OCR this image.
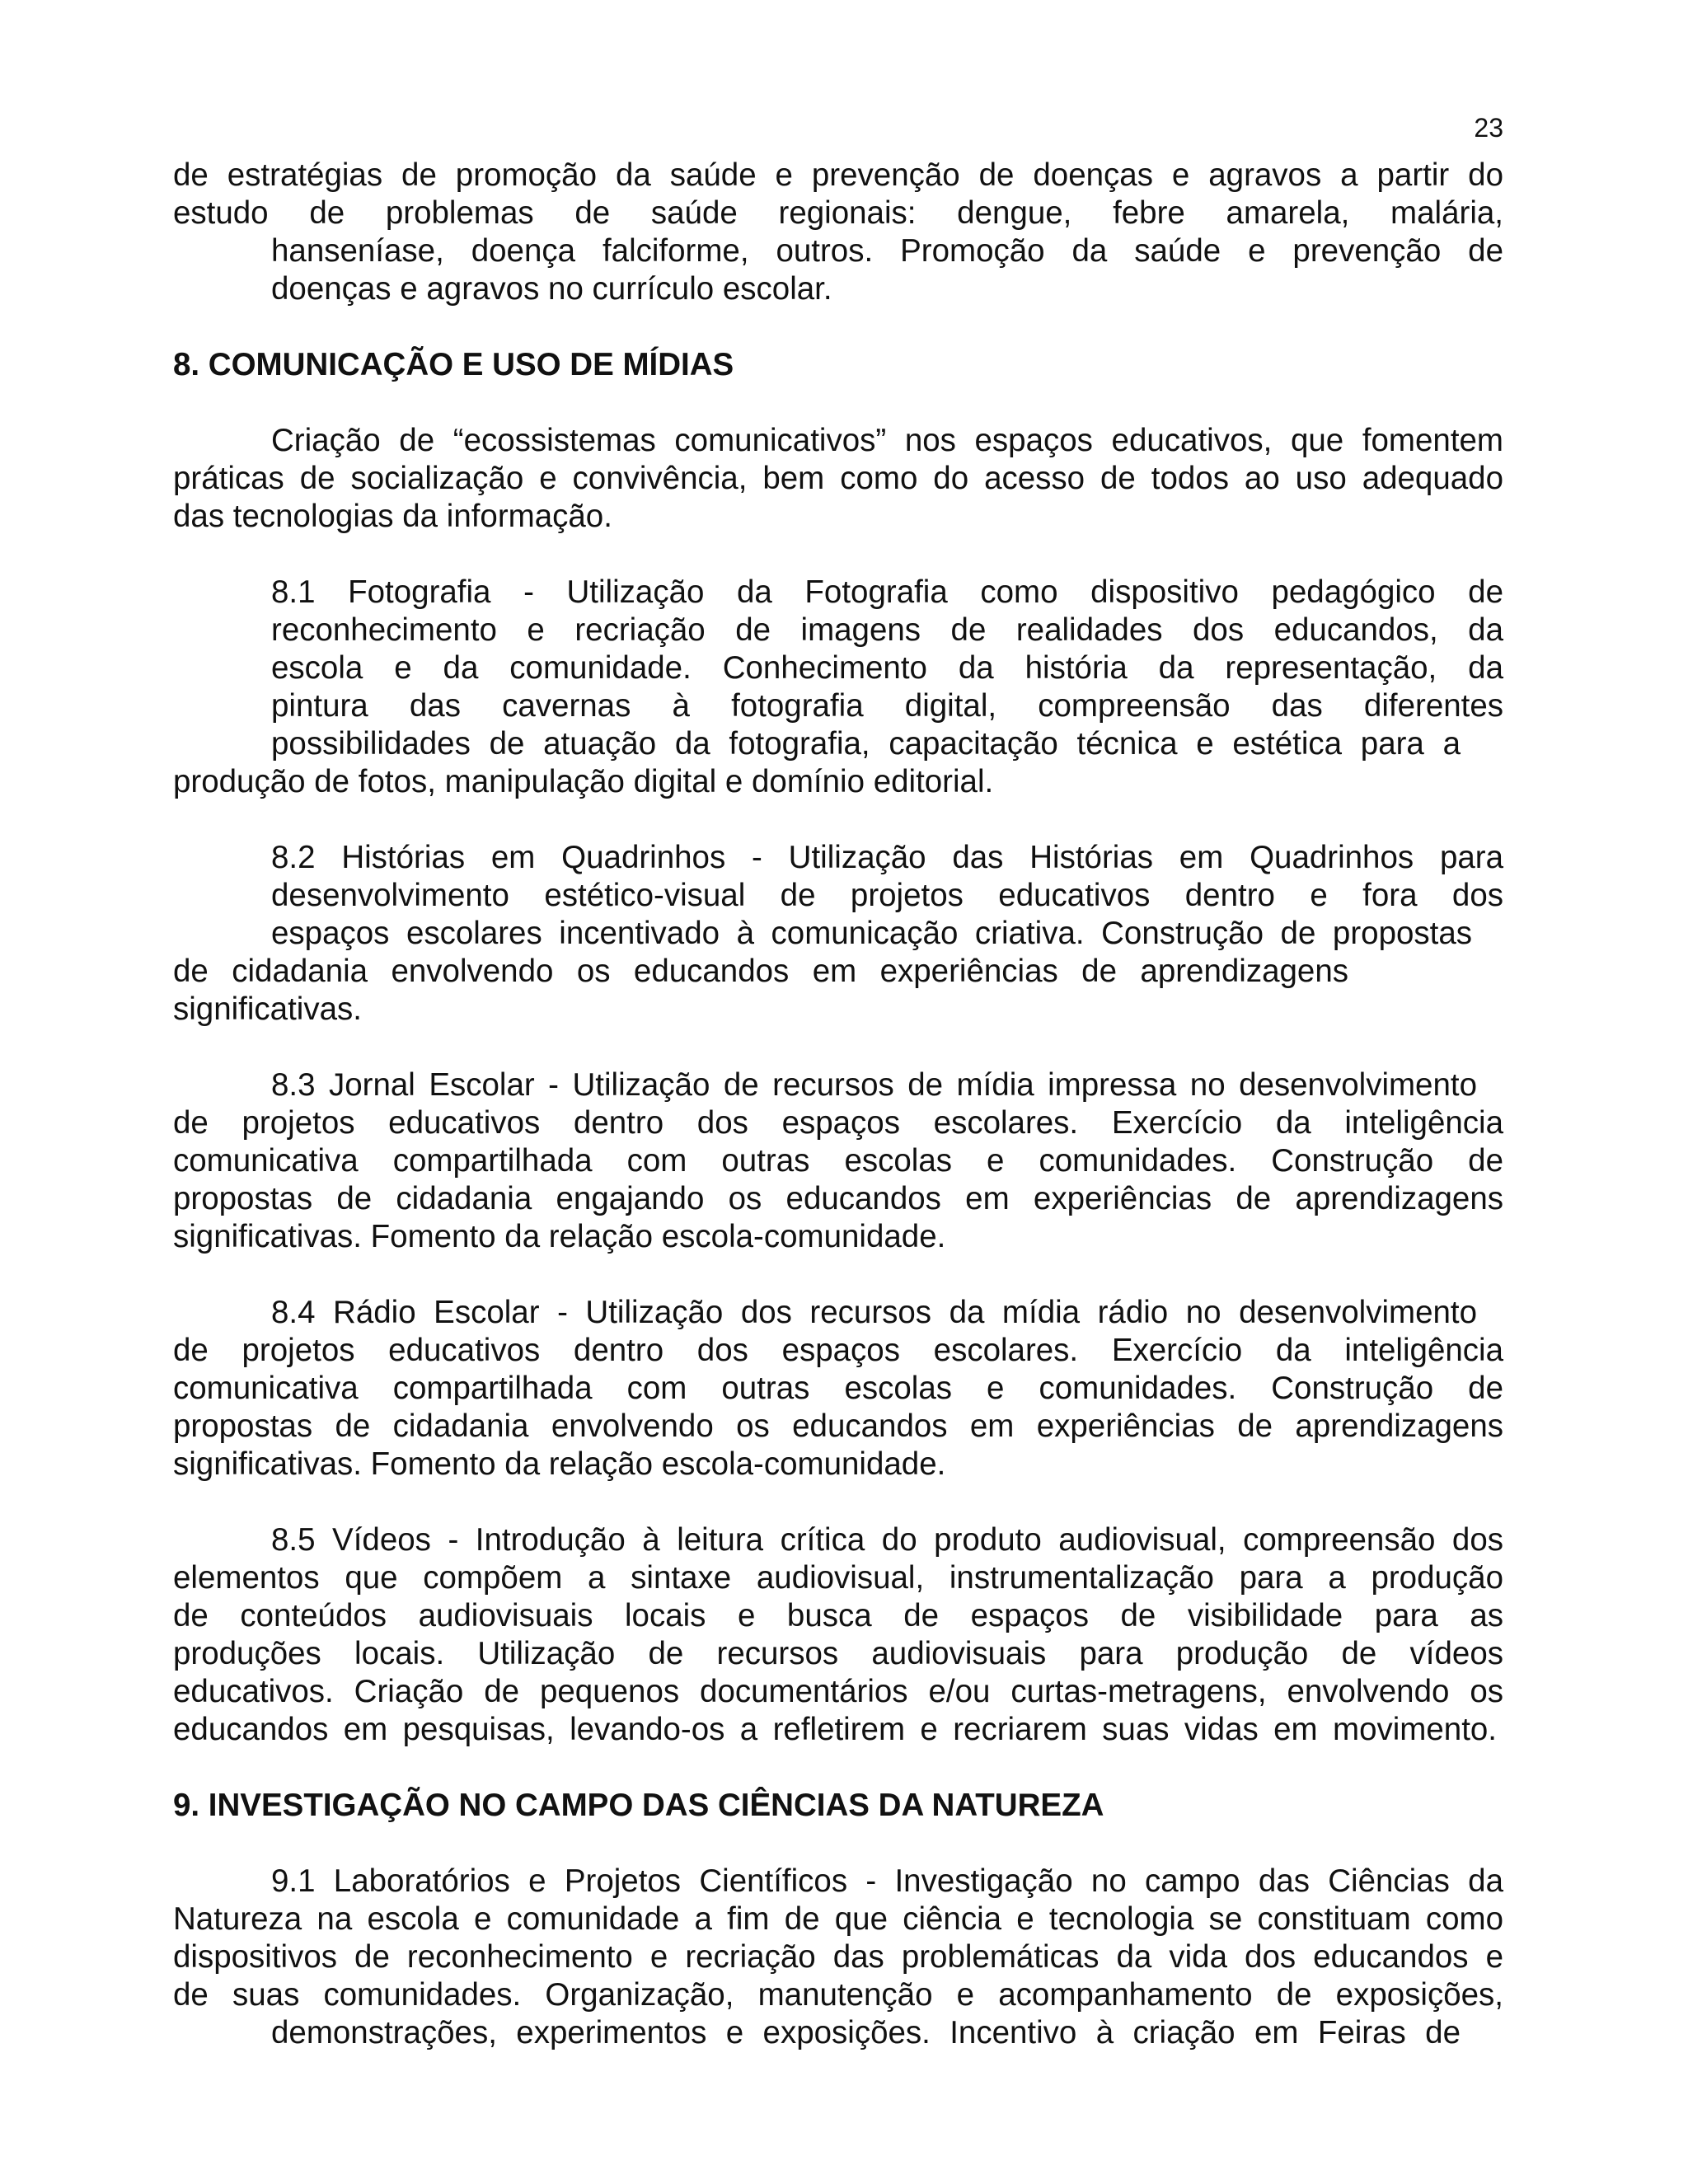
23
de estratégias de promoção da saúde e prevenção de doenças e agravos a partir do
estudo de problemas de saúde regionais: dengue, febre amarela, malária,
hanseníase, doença falciforme, outros. Promoção da saúde e prevenção de
doenças e agravos no currículo escolar.
8. COMUNICAÇÃO E USO DE MÍDIAS
Criação de “ecossistemas comunicativos” nos espaços educativos, que fomentem
práticas de socialização e convivência, bem como do acesso de todos ao uso adequado
das tecnologias da informação.
8.1 Fotografia - Utilização da Fotografia como dispositivo pedagógico de
reconhecimento e recriação de imagens de realidades dos educandos, da
escola e da comunidade. Conhecimento da história da representação, da
pintura das cavernas à fotografia digital, compreensão das diferentes
possibilidades de atuação da fotografia, capacitação técnica e estética para a
produção de fotos, manipulação digital e domínio editorial.
8.2 Histórias em Quadrinhos - Utilização das Histórias em Quadrinhos para
desenvolvimento estético-visual de projetos educativos dentro e fora dos
espaços escolares incentivado à comunicação criativa. Construção de propostas
de cidadania envolvendo os educandos em experiências de aprendizagens
significativas.
8.3 Jornal Escolar - Utilização de recursos de mídia impressa no desenvolvimento
de projetos educativos dentro dos espaços escolares. Exercício da inteligência
comunicativa compartilhada com outras escolas e comunidades. Construção de
propostas de cidadania engajando os educandos em experiências de aprendizagens
significativas. Fomento da relação escola-comunidade.
8.4 Rádio Escolar - Utilização dos recursos da mídia rádio no desenvolvimento
de projetos educativos dentro dos espaços escolares. Exercício da inteligência
comunicativa compartilhada com outras escolas e comunidades. Construção de
propostas de cidadania envolvendo os educandos em experiências de aprendizagens
significativas. Fomento da relação escola-comunidade.
8.5 Vídeos - Introdução à leitura crítica do produto audiovisual, compreensão dos
elementos que compõem a sintaxe audiovisual, instrumentalização para a produção
de conteúdos audiovisuais locais e busca de espaços de visibilidade para as
produções locais. Utilização de recursos audiovisuais para produção de vídeos
educativos. Criação de pequenos documentários e/ou curtas-metragens, envolvendo os
educandos em pesquisas, levando-os a refletirem e recriarem suas vidas em movimento.
9. INVESTIGAÇÃO NO CAMPO DAS CIÊNCIAS DA NATUREZA
9.1 Laboratórios e Projetos Científicos - Investigação no campo das Ciências da
Natureza na escola e comunidade a fim de que ciência e tecnologia se constituam como
dispositivos de reconhecimento e recriação das problemáticas da vida dos educandos e
de suas comunidades. Organização, manutenção e acompanhamento de exposições,
demonstrações, experimentos e exposições. Incentivo à criação em Feiras de
